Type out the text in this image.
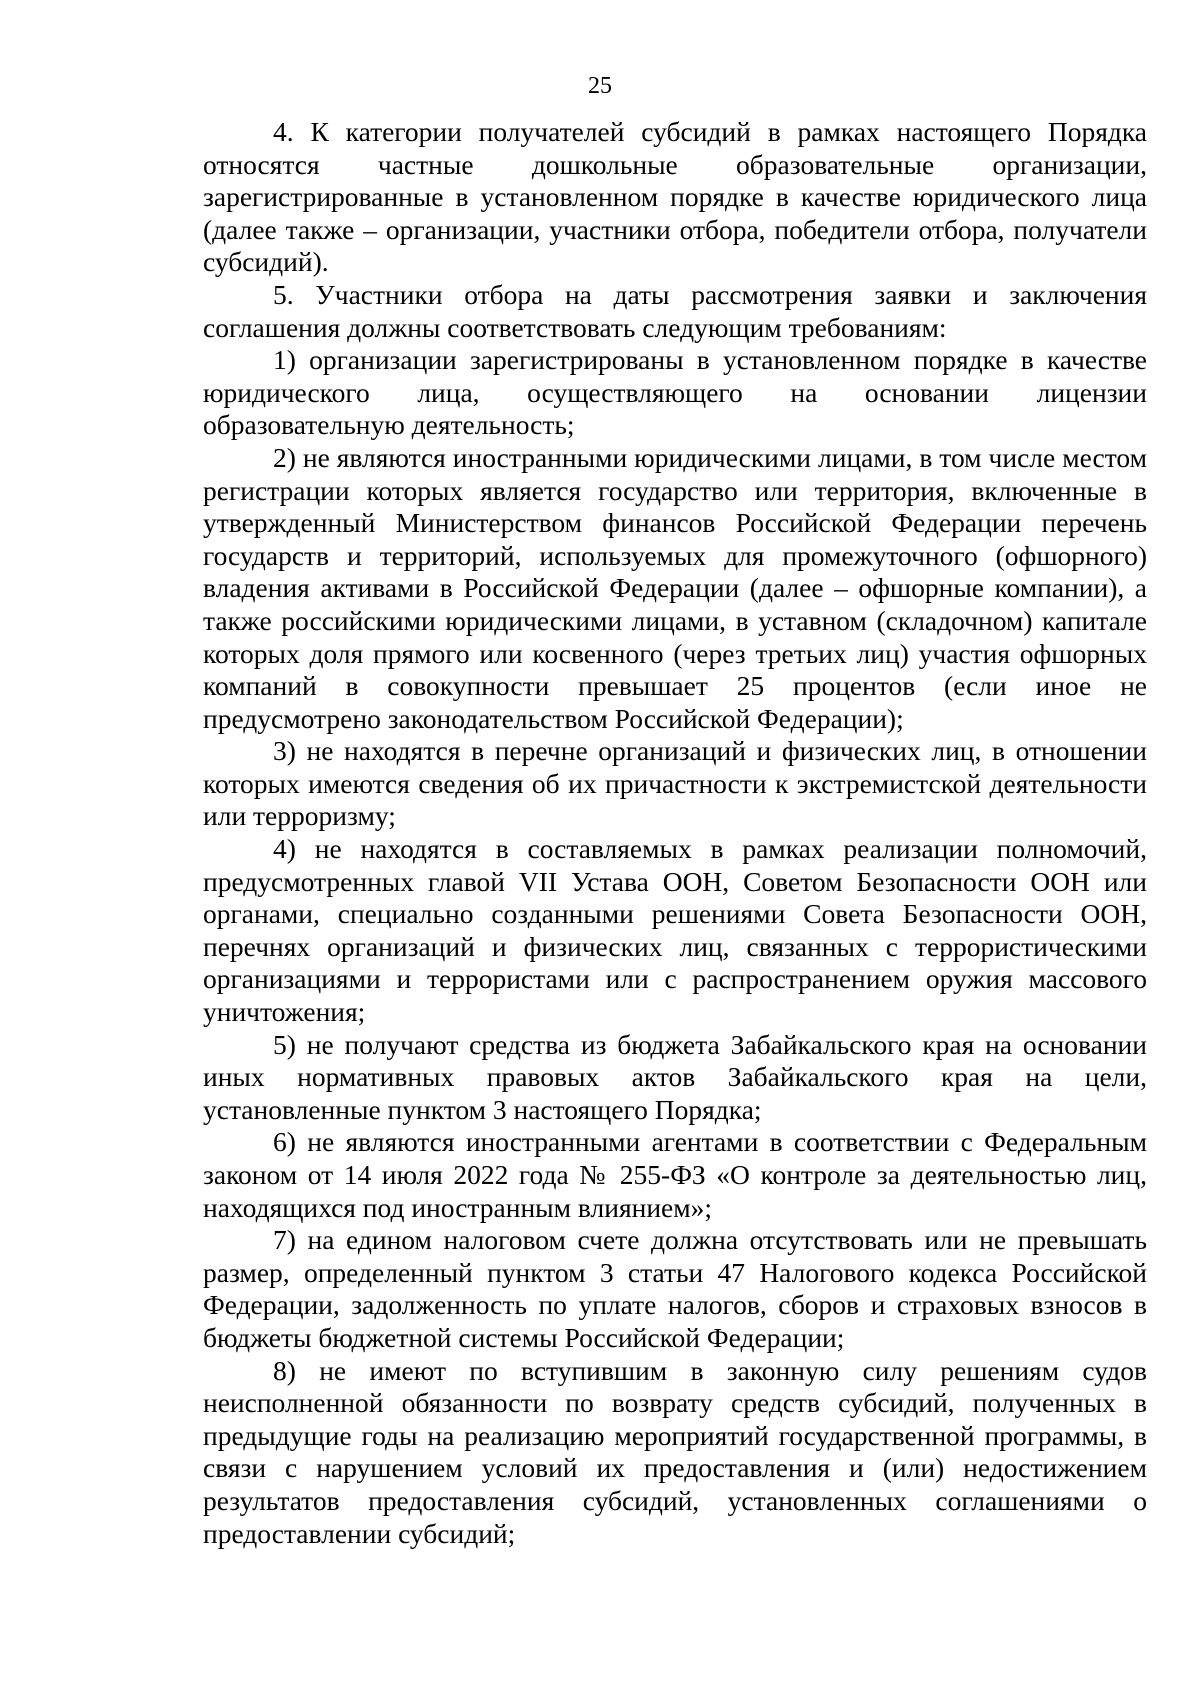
25

4. К категории получателей субсидий в рамках настоящего Порядка относятся частные дошкольные образовательные организации, зарегистрированные в установленном порядке в качестве юридического лица (далее также – организации, участники отбора, победители отбора, получатели субсидий).

5. Участники отбора на даты рассмотрения заявки и заключения соглашения должны соответствовать следующим требованиям:

1) организации зарегистрированы в установленном порядке в качестве юридического лица, осуществляющего на основании лицензии образовательную деятельность;

2) не являются иностранными юридическими лицами, в том числе местом регистрации которых является государство или территория, включенные в утвержденный Министерством финансов Российской Федерации перечень государств и территорий, используемых для промежуточного (офшорного) владения активами в Российской Федерации (далее – офшорные компании), а также российскими юридическими лицами, в уставном (складочном) капитале которых доля прямого или косвенного (через третьих лиц) участия офшорных компаний в совокупности превышает 25 процентов (если иное не предусмотрено законодательством Российской Федерации);

3) не находятся в перечне организаций и физических лиц, в отношении которых имеются сведения об их причастности к экстремистской деятельности или терроризму;

4) не находятся в составляемых в рамках реализации полномочий, предусмотренных главой VII Устава ООН, Советом Безопасности ООН или органами, специально созданными решениями Совета Безопасности ООН, перечнях организаций и физических лиц, связанных с террористическими организациями и террористами или с распространением оружия массового уничтожения;

5) не получают средства из бюджета Забайкальского края на основании иных нормативных правовых актов Забайкальского края на цели, установленные пунктом 3 настоящего Порядка;

6) не являются иностранными агентами в соответствии с Федеральным законом от 14 июля 2022 года № 255-ФЗ «О контроле за деятельностью лиц, находящихся под иностранным влиянием»;

7) на едином налоговом счете должна отсутствовать или не превышать размер, определенный пунктом 3 статьи 47 Налогового кодекса Российской Федерации, задолженность по уплате налогов, сборов и страховых взносов в бюджеты бюджетной системы Российской Федерации;

8) не имеют по вступившим в законную силу решениям судов неисполненной обязанности по возврату средств субсидий, полученных в предыдущие годы на реализацию мероприятий государственной программы, в связи с нарушением условий их предоставления и (или) недостижением результатов предоставления субсидий, установленных соглашениями о предоставлении субсидий;
